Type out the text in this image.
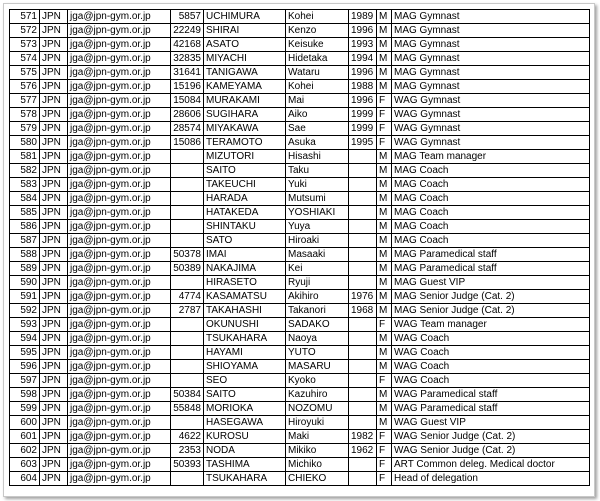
571	JPN	jga@jpn-gym.or.jp	5857	UCHIMURA	Kohei	1989	M	MAG Gymnast
572	JPN	jga@jpn-gym.or.jp	22249	SHIRAI	Kenzo	1996	M	MAG Gymnast
573	JPN	jga@jpn-gym.or.jp	42168	ASATO	Keisuke	1993	M	MAG Gymnast
574	JPN	jga@jpn-gym.or.jp	32835	MIYACHI	Hidetaka	1994	M	MAG Gymnast
575	JPN	jga@jpn-gym.or.jp	31641	TANIGAWA	Wataru	1996	M	MAG Gymnast
576	JPN	jga@jpn-gym.or.jp	15196	KAMEYAMA	Kohei	1988	M	MAG Gymnast
577	JPN	jga@jpn-gym.or.jp	15084	MURAKAMI	Mai	1996	F	WAG Gymnast
578	JPN	jga@jpn-gym.or.jp	28606	SUGIHARA	Aiko	1999	F	WAG Gymnast
579	JPN	jga@jpn-gym.or.jp	28574	MIYAKAWA	Sae	1999	F	WAG Gymnast
580	JPN	jga@jpn-gym.or.jp	15086	TERAMOTO	Asuka	1995	F	WAG Gymnast
581	JPN	jga@jpn-gym.or.jp		MIZUTORI	Hisashi		M	MAG Team manager
582	JPN	jga@jpn-gym.or.jp		SAITO	Taku		M	MAG Coach
583	JPN	jga@jpn-gym.or.jp		TAKEUCHI	Yuki		M	MAG Coach
584	JPN	jga@jpn-gym.or.jp		HARADA	Mutsumi		M	MAG Coach
585	JPN	jga@jpn-gym.or.jp		HATAKEDA	YOSHIAKI		M	MAG Coach
586	JPN	jga@jpn-gym.or.jp		SHINTAKU	Yuya		M	MAG Coach
587	JPN	jga@jpn-gym.or.jp		SATO	Hiroaki		M	MAG Coach
588	JPN	jga@jpn-gym.or.jp	50378	IMAI	Masaaki		M	MAG Paramedical staff
589	JPN	jga@jpn-gym.or.jp	50389	NAKAJIMA	Kei		M	MAG Paramedical staff
590	JPN	jga@jpn-gym.or.jp		HIRASETO	Ryuji		M	MAG Guest VIP
591	JPN	jga@jpn-gym.or.jp	4774	KASAMATSU	Akihiro	1976	M	MAG Senior Judge (Cat. 2)
592	JPN	jga@jpn-gym.or.jp	2787	TAKAHASHI	Takanori	1968	M	MAG Senior Judge (Cat. 2)
593	JPN	jga@jpn-gym.or.jp		OKUNUSHI	SADAKO		F	WAG Team manager
594	JPN	jga@jpn-gym.or.jp		TSUKAHARA	Naoya		M	WAG Coach
595	JPN	jga@jpn-gym.or.jp		HAYAMI	YUTO		M	WAG Coach
596	JPN	jga@jpn-gym.or.jp		SHIOYAMA	MASARU		M	WAG Coach
597	JPN	jga@jpn-gym.or.jp		SEO	Kyoko		F	WAG Coach
598	JPN	jga@jpn-gym.or.jp	50384	SAITO	Kazuhiro		M	WAG Paramedical staff
599	JPN	jga@jpn-gym.or.jp	55848	MORIOKA	NOZOMU		M	WAG Paramedical staff
600	JPN	jga@jpn-gym.or.jp		HASEGAWA	Hiroyuki		M	WAG Guest VIP
601	JPN	jga@jpn-gym.or.jp	4622	KUROSU	Maki	1982	F	WAG Senior Judge (Cat. 2)
602	JPN	jga@jpn-gym.or.jp	2353	NODA	Mikiko	1962	F	WAG Senior Judge (Cat. 2)
603	JPN	jga@jpn-gym.or.jp	50393	TASHIMA	Michiko		F	ART Common deleg. Medical doctor
604	JPN	jga@jpn-gym.or.jp		TSUKAHARA	CHIEKO		F	Head of delegation
